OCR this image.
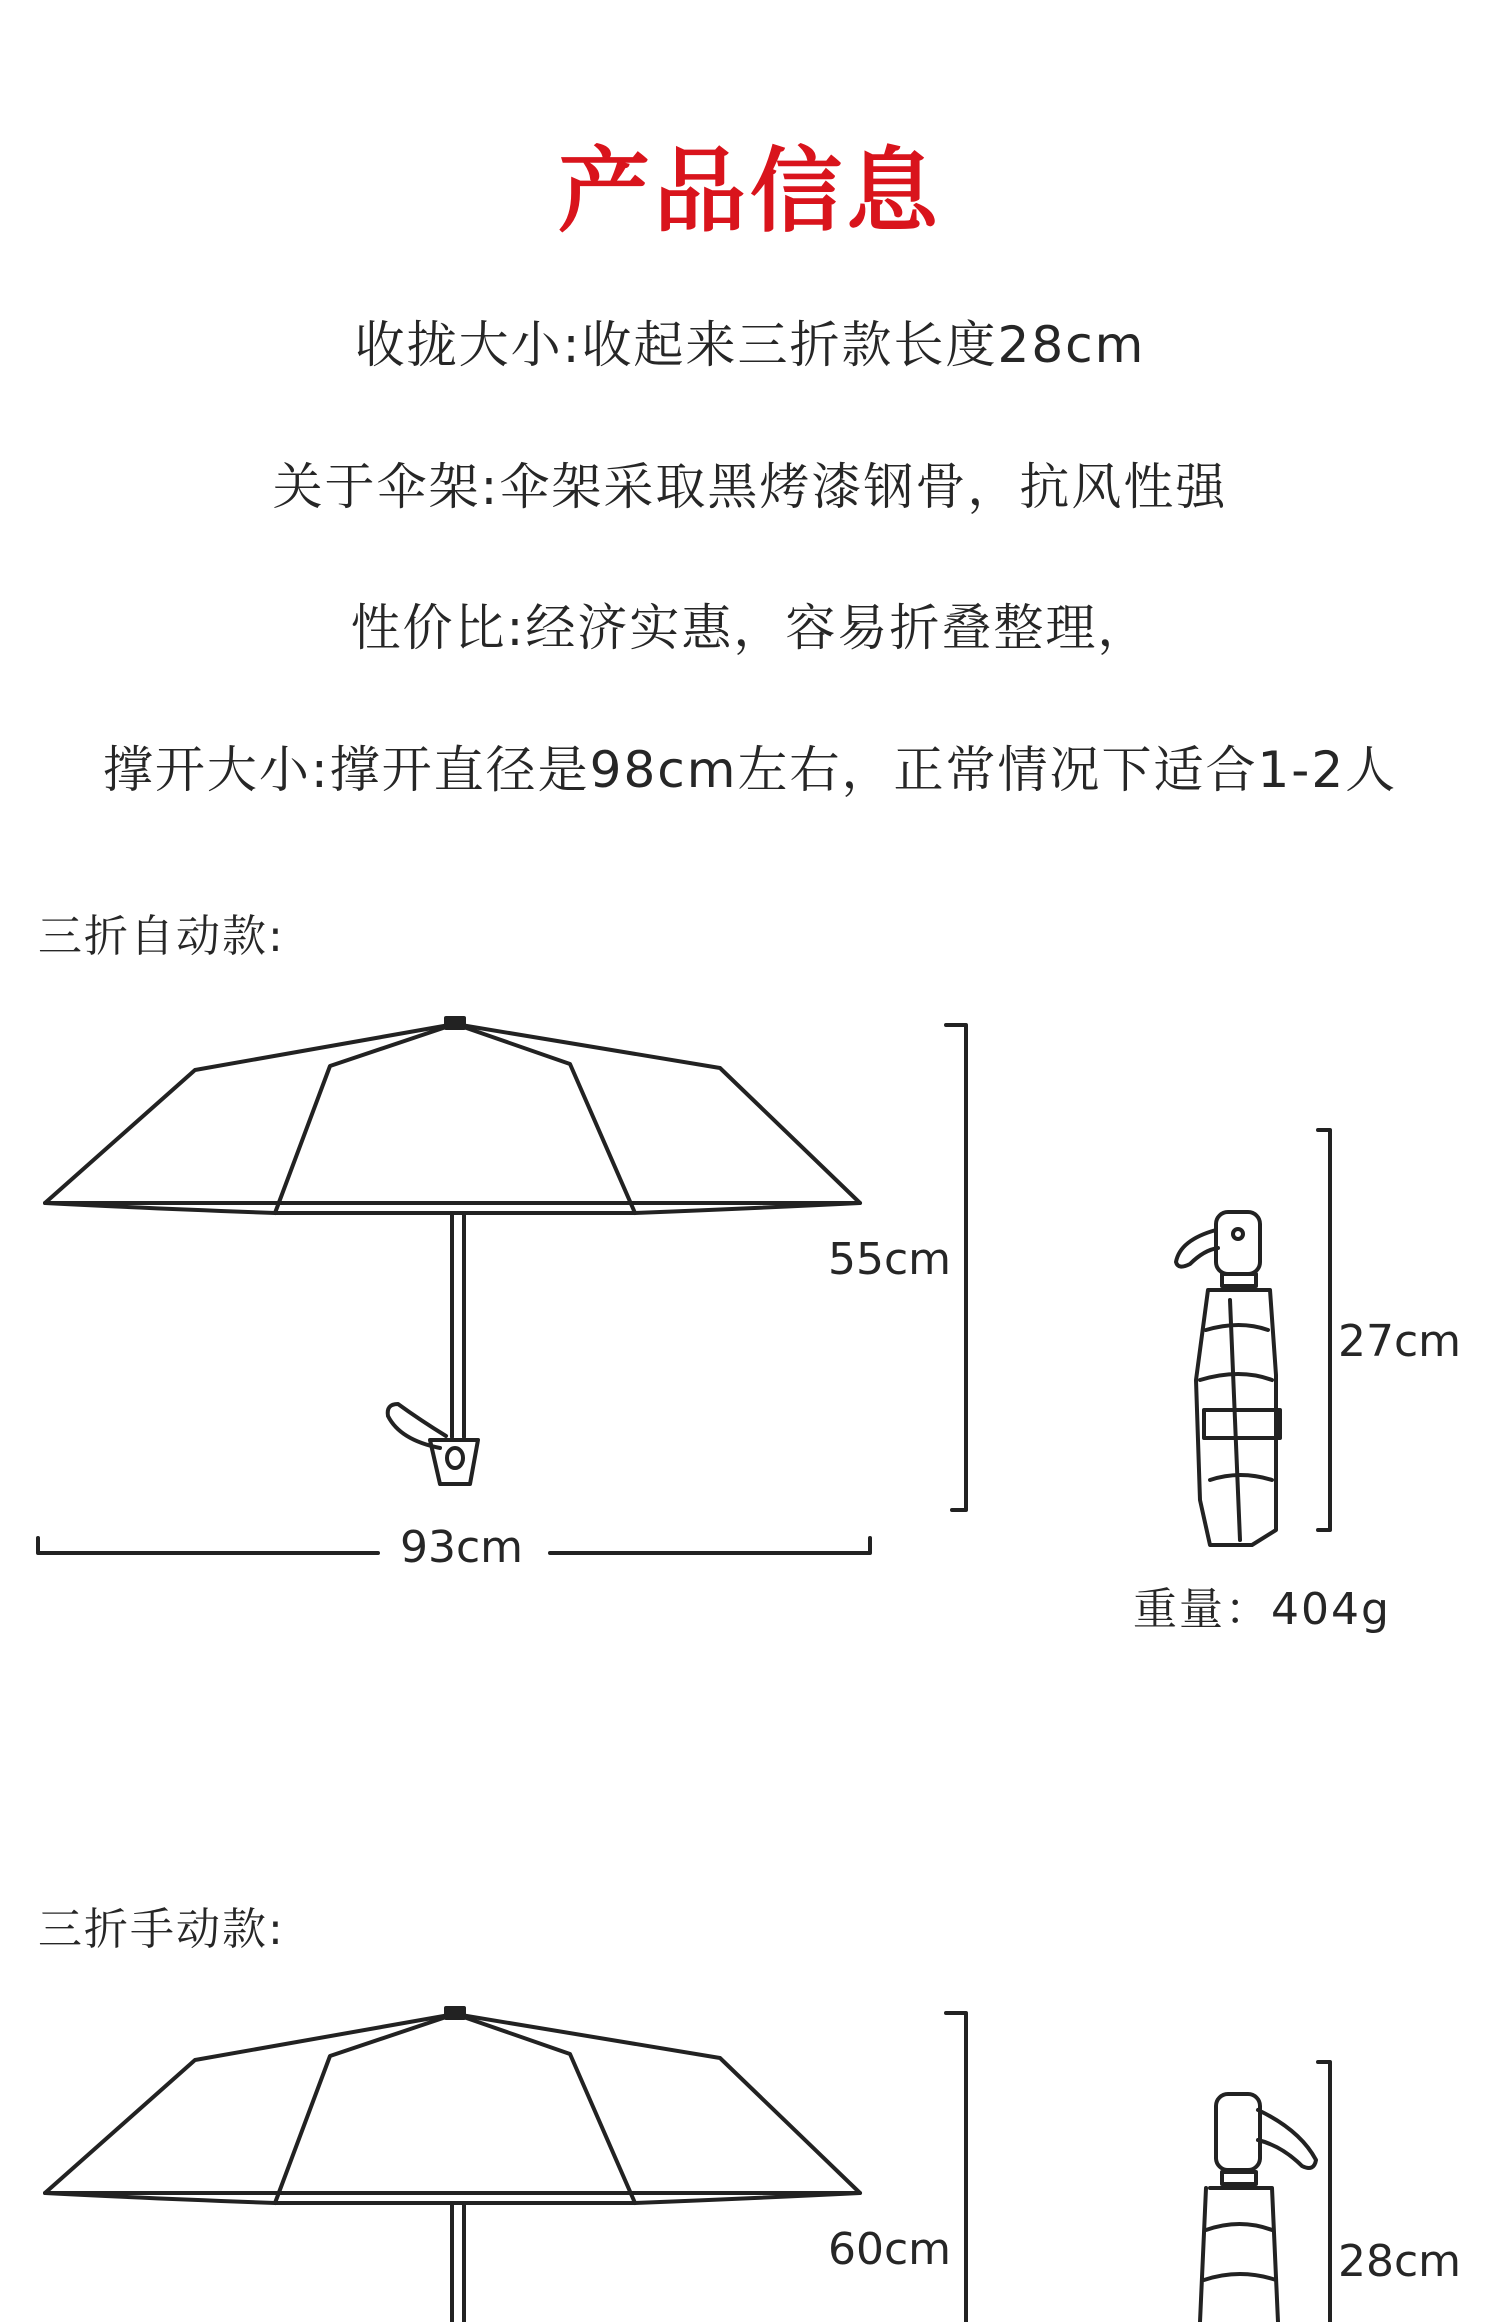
产品信息
收拢大小:收起来三折款长度28cm
关于伞架:伞架采取黑烤漆钢骨，抗风性强
性价比:经济实惠，容易折叠整理，
撑开大小:撑开直径是98cm左右，正常情况下适合1-2人
三折自动款:
55cm
93cm
27cm
重量：404g
三折手动款:
60cm	28cm
